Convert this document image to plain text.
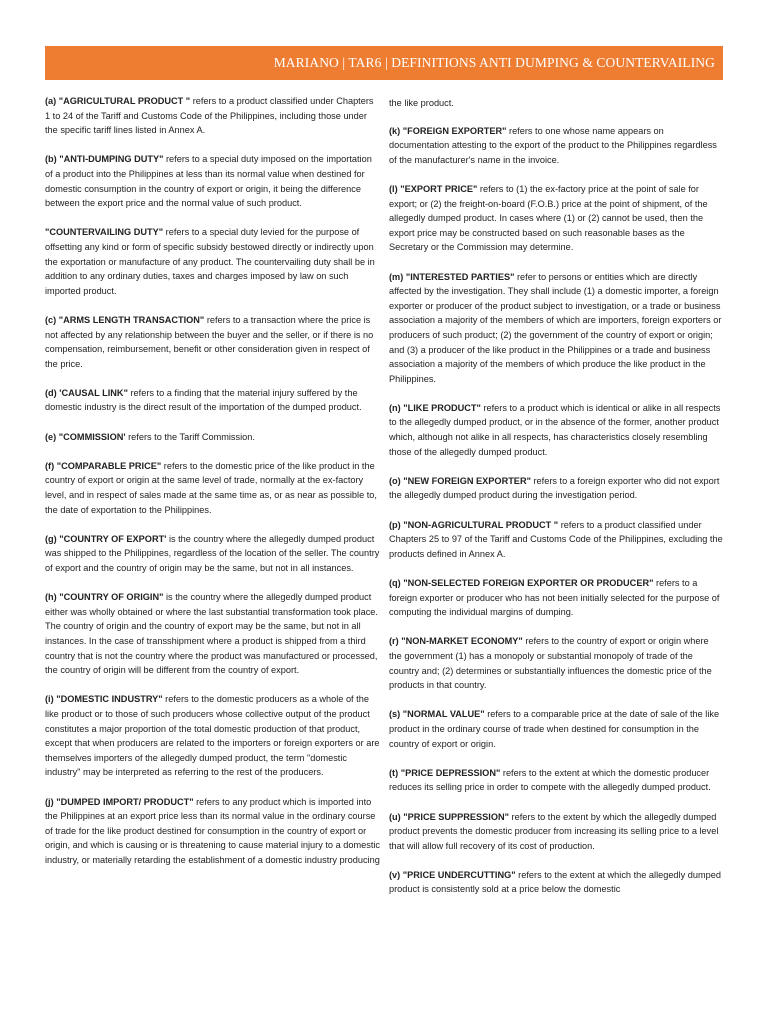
MARIANO | TAR6 | DEFINITIONS ANTI DUMPING & COUNTERVAILING

(a) "AGRICULTURAL PRODUCT " refers to a product classified under Chapters 1 to 24 of the Tariff and Customs Code of the Philippines, including those under the specific tariff lines listed in Annex A.

(b) "ANTI-DUMPING DUTY" refers to a special duty imposed on the importation of a product into the Philippines at less than its normal value when destined for domestic consumption in the country of export or origin, it being the difference between the export price and the normal value of such product.

"COUNTERVAILING DUTY" refers to a special duty levied for the purpose of offsetting any kind or form of specific subsidy bestowed directly or indirectly upon the exportation or manufacture of any product. The countervailing duty shall be in addition to any ordinary duties, taxes and charges imposed by law on such imported product.

(c) "ARMS LENGTH TRANSACTION" refers to a transaction where the price is not affected by any relationship between the buyer and the seller, or if there is no compensation, reimbursement, benefit or other consideration given in respect of the price.

(d) 'CAUSAL LINK" refers to a finding that the material injury suffered by the domestic industry is the direct result of the importation of the dumped product.

(e) "COMMISSION' refers to the Tariff Commission.

(f) "COMPARABLE PRICE" refers to the domestic price of the like product in the country of export or origin at the same level of trade, normally at the ex-factory level, and in respect of sales made at the same time as, or as near as possible to, the date of exportation to the Philippines.

(g) "COUNTRY OF EXPORT' is the country where the allegedly dumped product was shipped to the Philippines, regardless of the location of the seller. The country of export and the country of origin may be the same, but not in all instances.

(h) "COUNTRY OF ORIGIN" is the country where the allegedly dumped product either was wholly obtained or where the last substantial transformation took place. The country of origin and the country of export may be the same, but not in all instances. In the case of transshipment where a product is shipped from a third country that is not the country where the product was manufactured or processed, the country of origin will be different from the country of export.

(i) "DOMESTIC INDUSTRY" refers to the domestic producers as a whole of the like product or to those of such producers whose collective output of the product constitutes a major proportion of the total domestic production of that product, except that when producers are related to the importers or foreign exporters or are themselves importers of the allegedly dumped product, the term "domestic industry" may be interpreted as referring to the rest of the producers.

(j) "DUMPED IMPORT/ PRODUCT" refers to any product which is imported into the Philippines at an export price less than its normal value in the ordinary course of trade for the like product destined for consumption in the country of export or origin, and which is causing or is threatening to cause material injury to a domestic industry, or materially retarding the establishment of a domestic industry producing

the like product.

(k) "FOREIGN EXPORTER" refers to one whose name appears on documentation attesting to the export of the product to the Philippines regardless of the manufacturer's name in the invoice.

(l) "EXPORT PRICE" refers to (1) the ex-factory price at the point of sale for export; or (2) the freight-on-board (F.O.B.) price at the point of shipment, of the allegedly dumped product. In cases where (1) or (2) cannot be used, then the export price may be constructed based on such reasonable bases as the Secretary or the Commission may determine.

(m) "INTERESTED PARTIES" refer to persons or entities which are directly affected by the investigation. They shall include (1) a domestic importer, a foreign exporter or producer of the product subject to investigation, or a trade or business association a majority of the members of which are importers, foreign exporters or producers of such product; (2) the government of the country of export or origin; and (3) a producer of the like product in the Philippines or a trade and business association a majority of the members of which produce the like product in the Philippines.

(n) "LIKE PRODUCT" refers to a product which is identical or alike in all respects to the allegedly dumped product, or in the absence of the former, another product which, although not alike in all respects, has characteristics closely resembling those of the allegedly dumped product.

(o) "NEW FOREIGN EXPORTER" refers to a foreign exporter who did not export the allegedly dumped product during the investigation period.

(p) "NON-AGRICULTURAL PRODUCT " refers to a product classified under Chapters 25 to 97 of the Tariff and Customs Code of the Philippines, excluding the products defined in Annex A.

(q) "NON-SELECTED FOREIGN EXPORTER OR PRODUCER" refers to a foreign exporter or producer who has not been initially selected for the purpose of computing the individual margins of dumping.

(r) "NON-MARKET ECONOMY" refers to the country of export or origin where the government (1) has a monopoly or substantial monopoly of trade of the country and; (2) determines or substantially influences the domestic price of the products in that country.

(s) "NORMAL VALUE" refers to a comparable price at the date of sale of the like product in the ordinary course of trade when destined for consumption in the country of export or origin.

(t) "PRICE DEPRESSION" refers to the extent at which the domestic producer reduces its selling price in order to compete with the allegedly dumped product.

(u) "PRICE SUPPRESSION" refers to the extent by which the allegedly dumped product prevents the domestic producer from increasing its selling price to a level that will allow full recovery of its cost of production.

(v) "PRICE UNDERCUTTING" refers to the extent at which the allegedly dumped product is consistently sold at a price below the domestic
